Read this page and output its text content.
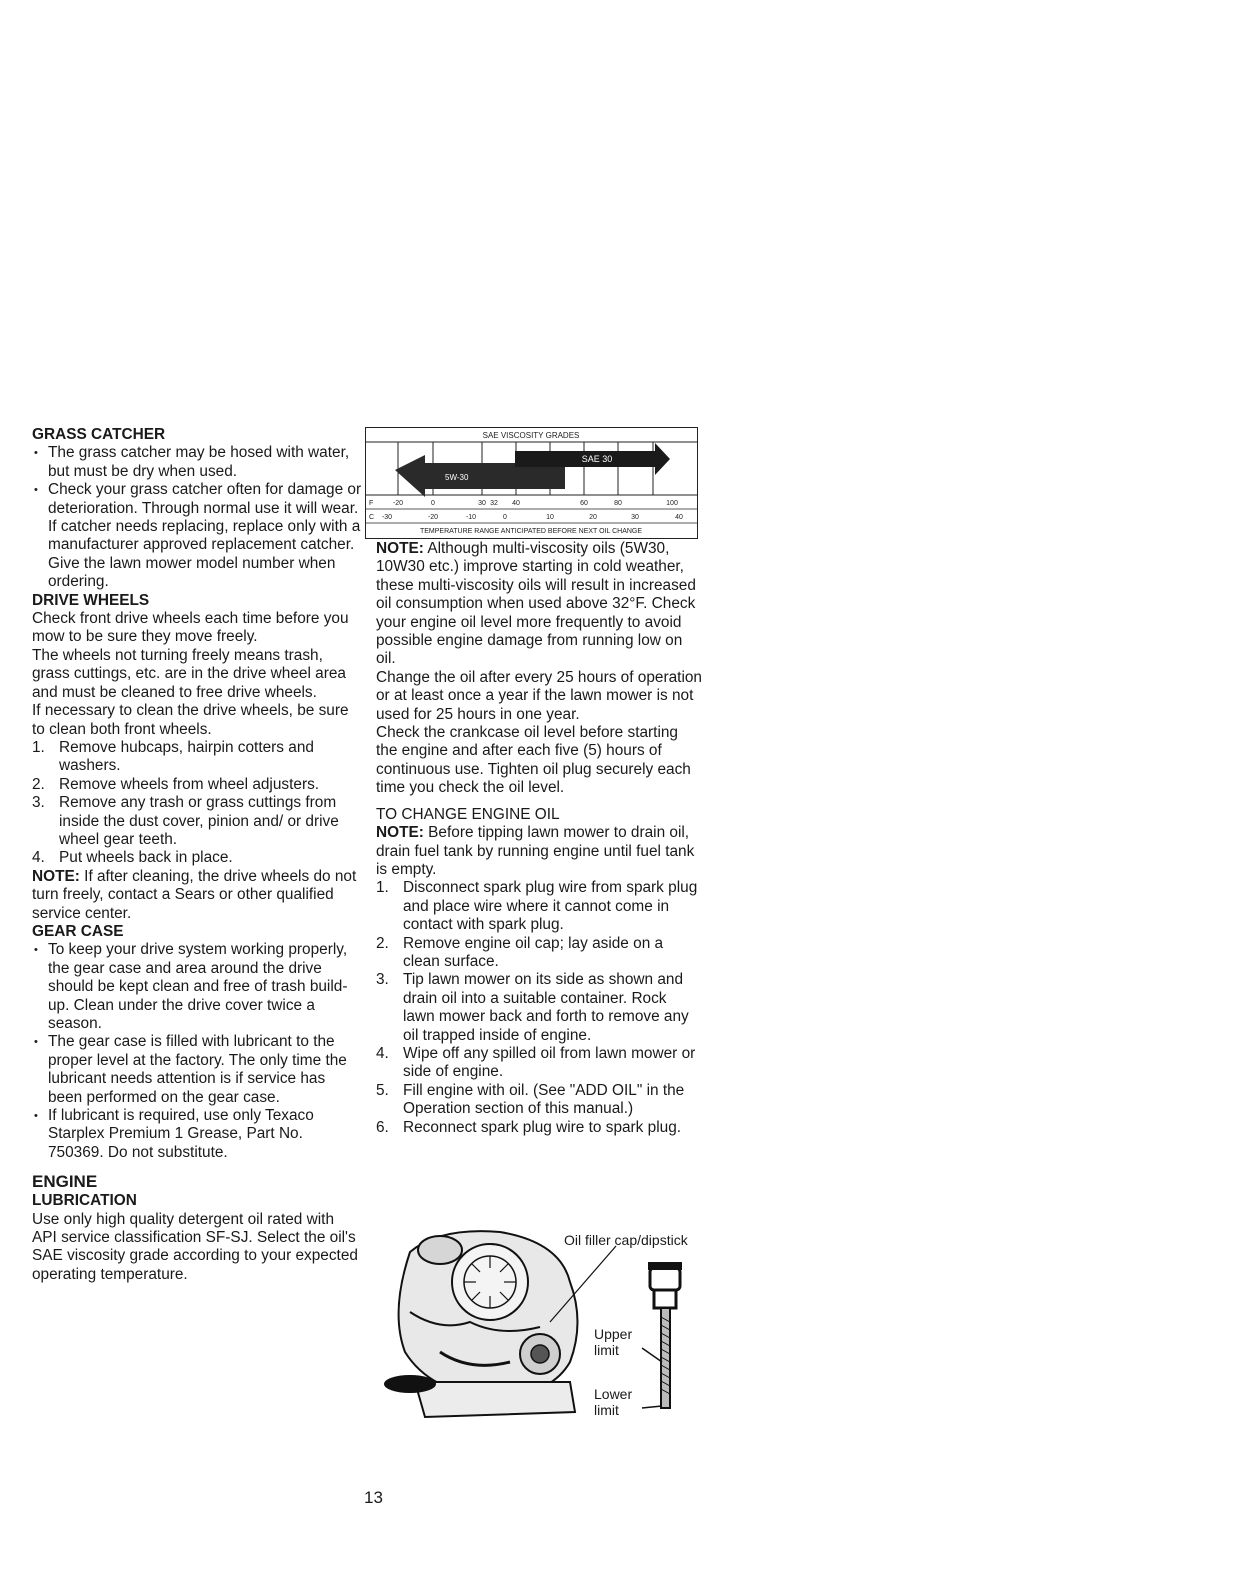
GRASS CATCHER
• The grass catcher may be hosed with water, but must be dry when used.
• Check your grass catcher often for damage or deterioration. Through normal use it will wear. If catcher needs replacing, replace only with a manufacturer approved replacement catcher. Give the lawn mower model number when ordering.
DRIVE WHEELS

Check front drive wheels each time before you mow to be sure they move freely.

The wheels not turning freely means trash, grass cuttings, etc. are in the drive wheel area and must be cleaned to free drive wheels.

If necessary to clean the drive wheels, be sure to clean both front wheels.

1. Remove hubcaps, hairpin cotters and washers.
2. Remove wheels from wheel adjusters.
3. Remove any trash or grass cuttings from inside the dust cover, pinion and/ or drive wheel gear teeth.
4. Put wheels back in place.

NOTE: If after cleaning, the drive wheels do not turn freely, contact a Sears or other qualified service center.

GEAR CASE
• To keep your drive system working properly, the gear case and area around the drive should be kept clean and free of trash build-up. Clean under the drive cover twice a season.
• The gear case is filled with lubricant to the proper level at the factory. The only time the lubricant needs attention is if service has been performed on the gear case.
• If lubricant is required, use only Texaco Starplex Premium 1 Grease, Part No. 750369. Do not substitute.
ENGINE
LUBRICATION

Use only high quality detergent oil rated with API service classification SF-SJ. Select the oil's SAE viscosity grade according to your expected operating temperature.

SAE VISCOSITY GRADES
5W-30
SAE 30
F	-20	0	30 32 40	60	80	100
C -30	-20	-10	0	10	20	30	40
TEMPERATURE RANGE ANTICIPATED BEFORE NEXT OIL CHANGE

NOTE: Although multi-viscosity oils (5W30, 10W30 etc.) improve starting in cold weather, these multi-viscosity oils will result in increased oil consumption when used above 32°F. Check your engine oil level more frequently to avoid possible engine damage from running low on oil.

Change the oil after every 25 hours of operation or at least once a year if the lawn mower is not used for 25 hours in one year.

Check the crankcase oil level before starting the engine and after each five (5) hours of continuous use. Tighten oil plug securely each time you check the oil level.

TO CHANGE ENGINE OIL

NOTE: Before tipping lawn mower to drain oil, drain fuel tank by running engine until fuel tank is empty.

1. Disconnect spark plug wire from spark plug and place wire where it cannot come in contact with spark plug.
2. Remove engine oil cap; lay aside on a clean surface.
3. Tip lawn mower on its side as shown and drain oil into a suitable container. Rock lawn mower back and forth to remove any oil trapped inside of engine.
4. Wipe off any spilled oil from lawn mower or side of engine.
5. Fill engine with oil. (See "ADD OIL" in the Operation section of this manual.)
6. Reconnect spark plug wire to spark plug.
Oil filler cap/dipstick
Upper
limit
Lower
limit
13
